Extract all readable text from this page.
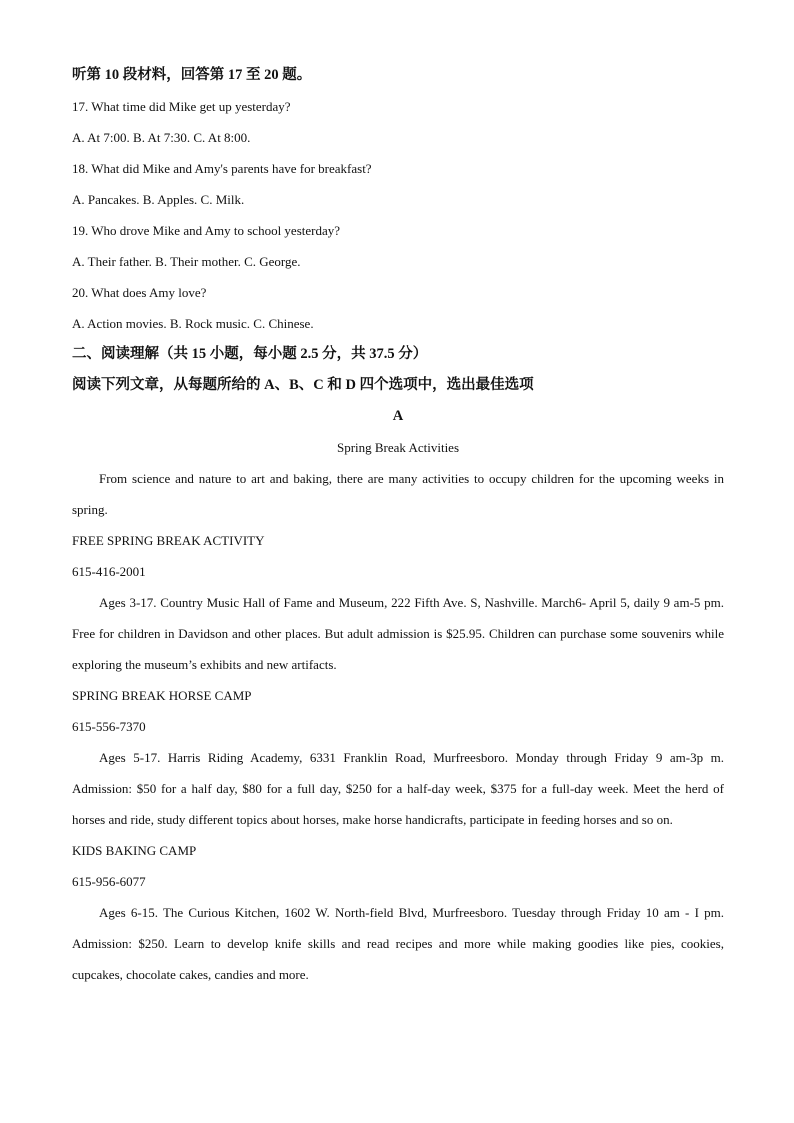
听第 10 段材料，回答第 17 至 20 题。
17. What time did Mike get up yesterday?
A. At 7:00. B. At 7:30. C. At 8:00.
18. What did Mike and Amy's parents have for breakfast?
A. Pancakes. B. Apples. C. Milk.
19. Who drove Mike and Amy to school yesterday?
A. Their father. B. Their mother. C. George.
20. What does Amy love?
A. Action movies. B. Rock music. C. Chinese.
二、阅读理解（共 15 小题，每小题 2.5 分，共 37.5 分）
阅读下列文章，从每题所给的 A、B、C 和 D 四个选项中，选出最佳选项
A
Spring Break Activities

From science and nature to art and baking, there are many activities to occupy children for the upcoming weeks in spring.

FREE SPRING BREAK ACTIVITY
615-416-2001

Ages 3-17. Country Music Hall of Fame and Museum, 222 Fifth Ave. S, Nashville. March6- April 5, daily 9 am-5 pm. Free for children in Davidson and other places. But adult admission is $25.95. Children can purchase some souvenirs while exploring the museum’s exhibits and new artifacts.

SPRING BREAK HORSE CAMP
615-556-7370

Ages 5-17. Harris Riding Academy, 6331 Franklin Road, Murfreesboro. Monday through Friday 9 am-3p m. Admission: $50 for a half day, $80 for a full day, $250 for a half-day week, $375 for a full-day week. Meet the herd of horses and ride, study different topics about horses, make horse handicrafts, participate in feeding horses and so on.

KIDS BAKING CAMP
615-956-6077

Ages 6-15. The Curious Kitchen, 1602 W. North-field Blvd, Murfreesboro. Tuesday through Friday 10 am - I pm. Admission: $250. Learn to develop knife skills and read recipes and more while making goodies like pies, cookies, cupcakes, chocolate cakes, candies and more.
